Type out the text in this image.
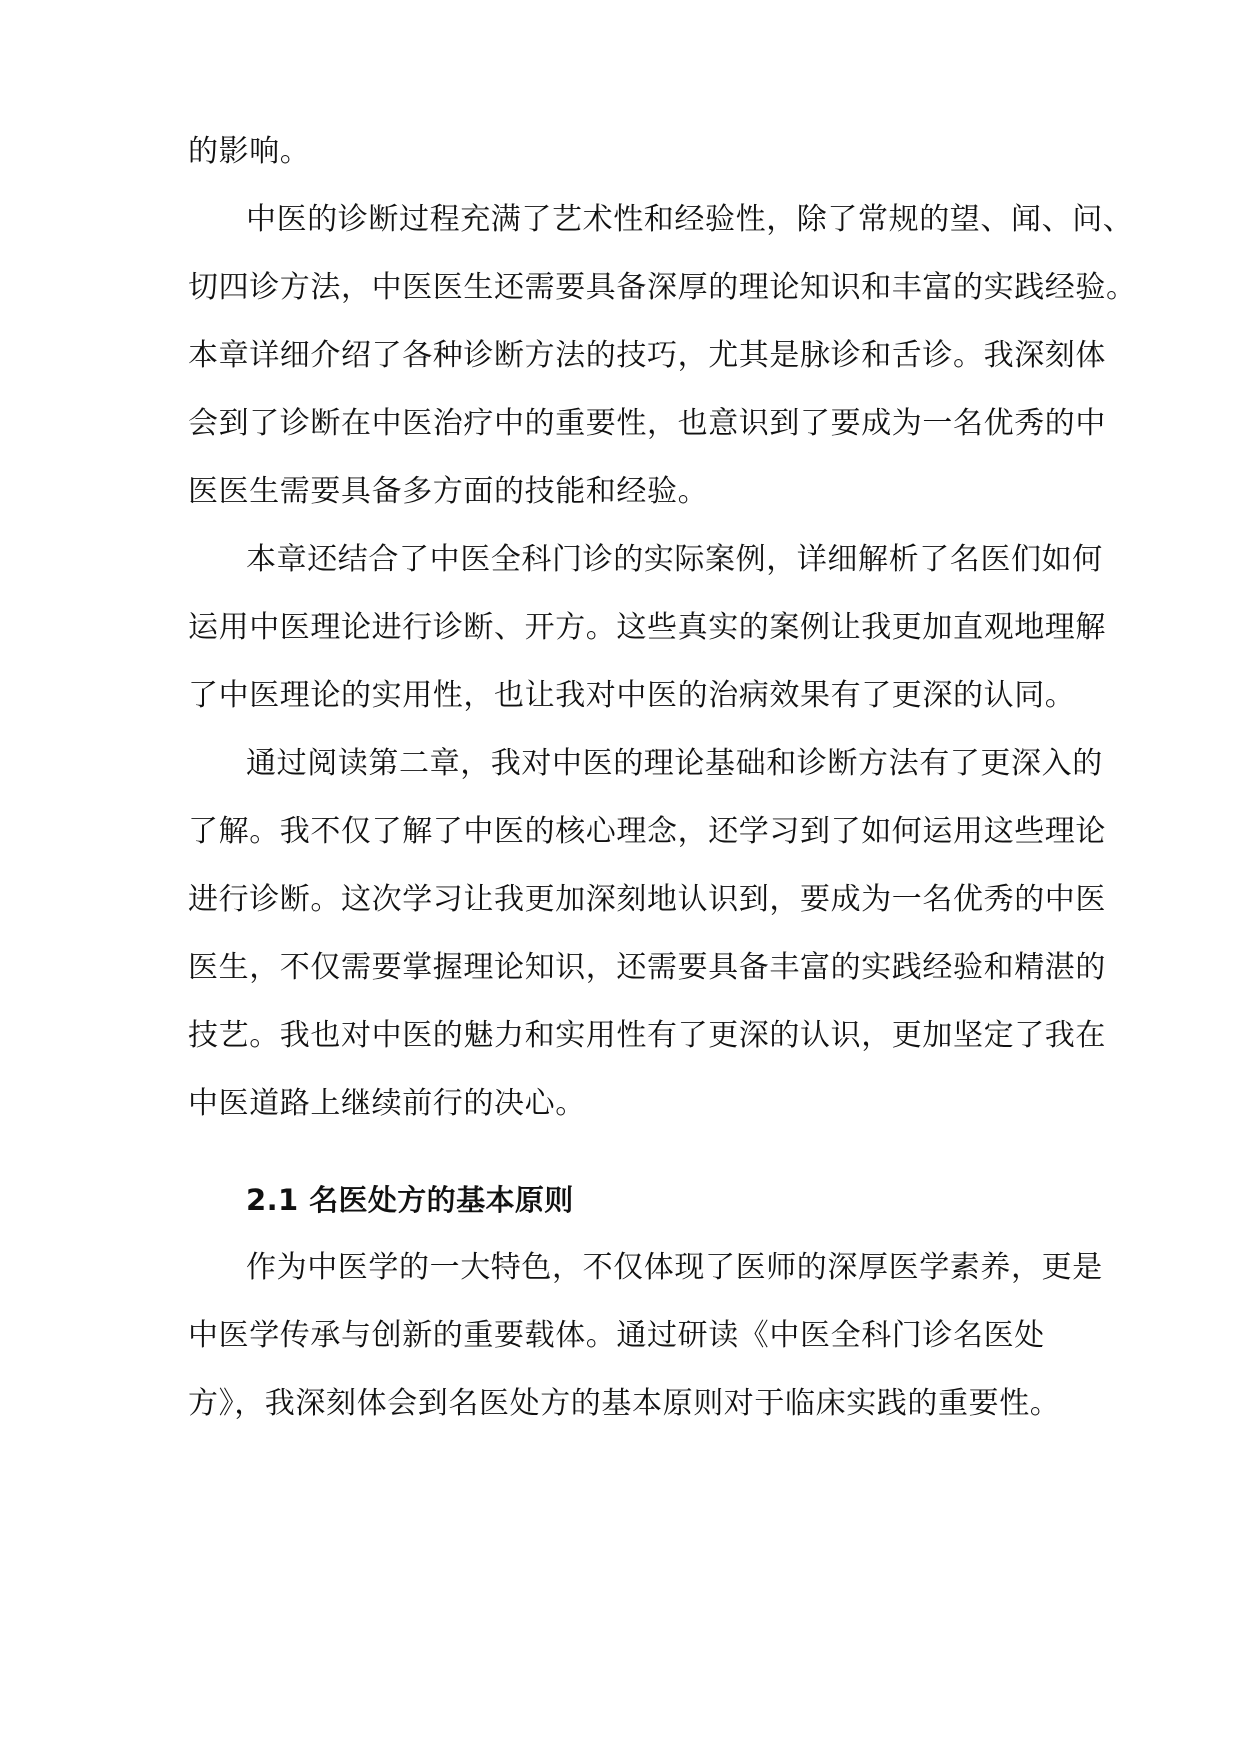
的影响。
中医的诊断过程充满了艺术性和经验性，除了常规的望、闻、问、
切四诊方法，中医医生还需要具备深厚的理论知识和丰富的实践经验。
本章详细介绍了各种诊断方法的技巧，尤其是脉诊和舌诊。我深刻体
会到了诊断在中医治疗中的重要性，也意识到了要成为一名优秀的中
医医生需要具备多方面的技能和经验。
本章还结合了中医全科门诊的实际案例，详细解析了名医们如何
运用中医理论进行诊断、开方。这些真实的案例让我更加直观地理解
了中医理论的实用性，也让我对中医的治病效果有了更深的认同。
通过阅读第二章，我对中医的理论基础和诊断方法有了更深入的
了解。我不仅了解了中医的核心理念，还学习到了如何运用这些理论
进行诊断。这次学习让我更加深刻地认识到，要成为一名优秀的中医
医生，不仅需要掌握理论知识，还需要具备丰富的实践经验和精湛的
技艺。我也对中医的魅力和实用性有了更深的认识，更加坚定了我在
中医道路上继续前行的决心。
2.1 名医处方的基本原则
作为中医学的一大特色，不仅体现了医师的深厚医学素养，更是
中医学传承与创新的重要载体。通过研读《中医全科门诊名医处
方》，我深刻体会到名医处方的基本原则对于临床实践的重要性。
